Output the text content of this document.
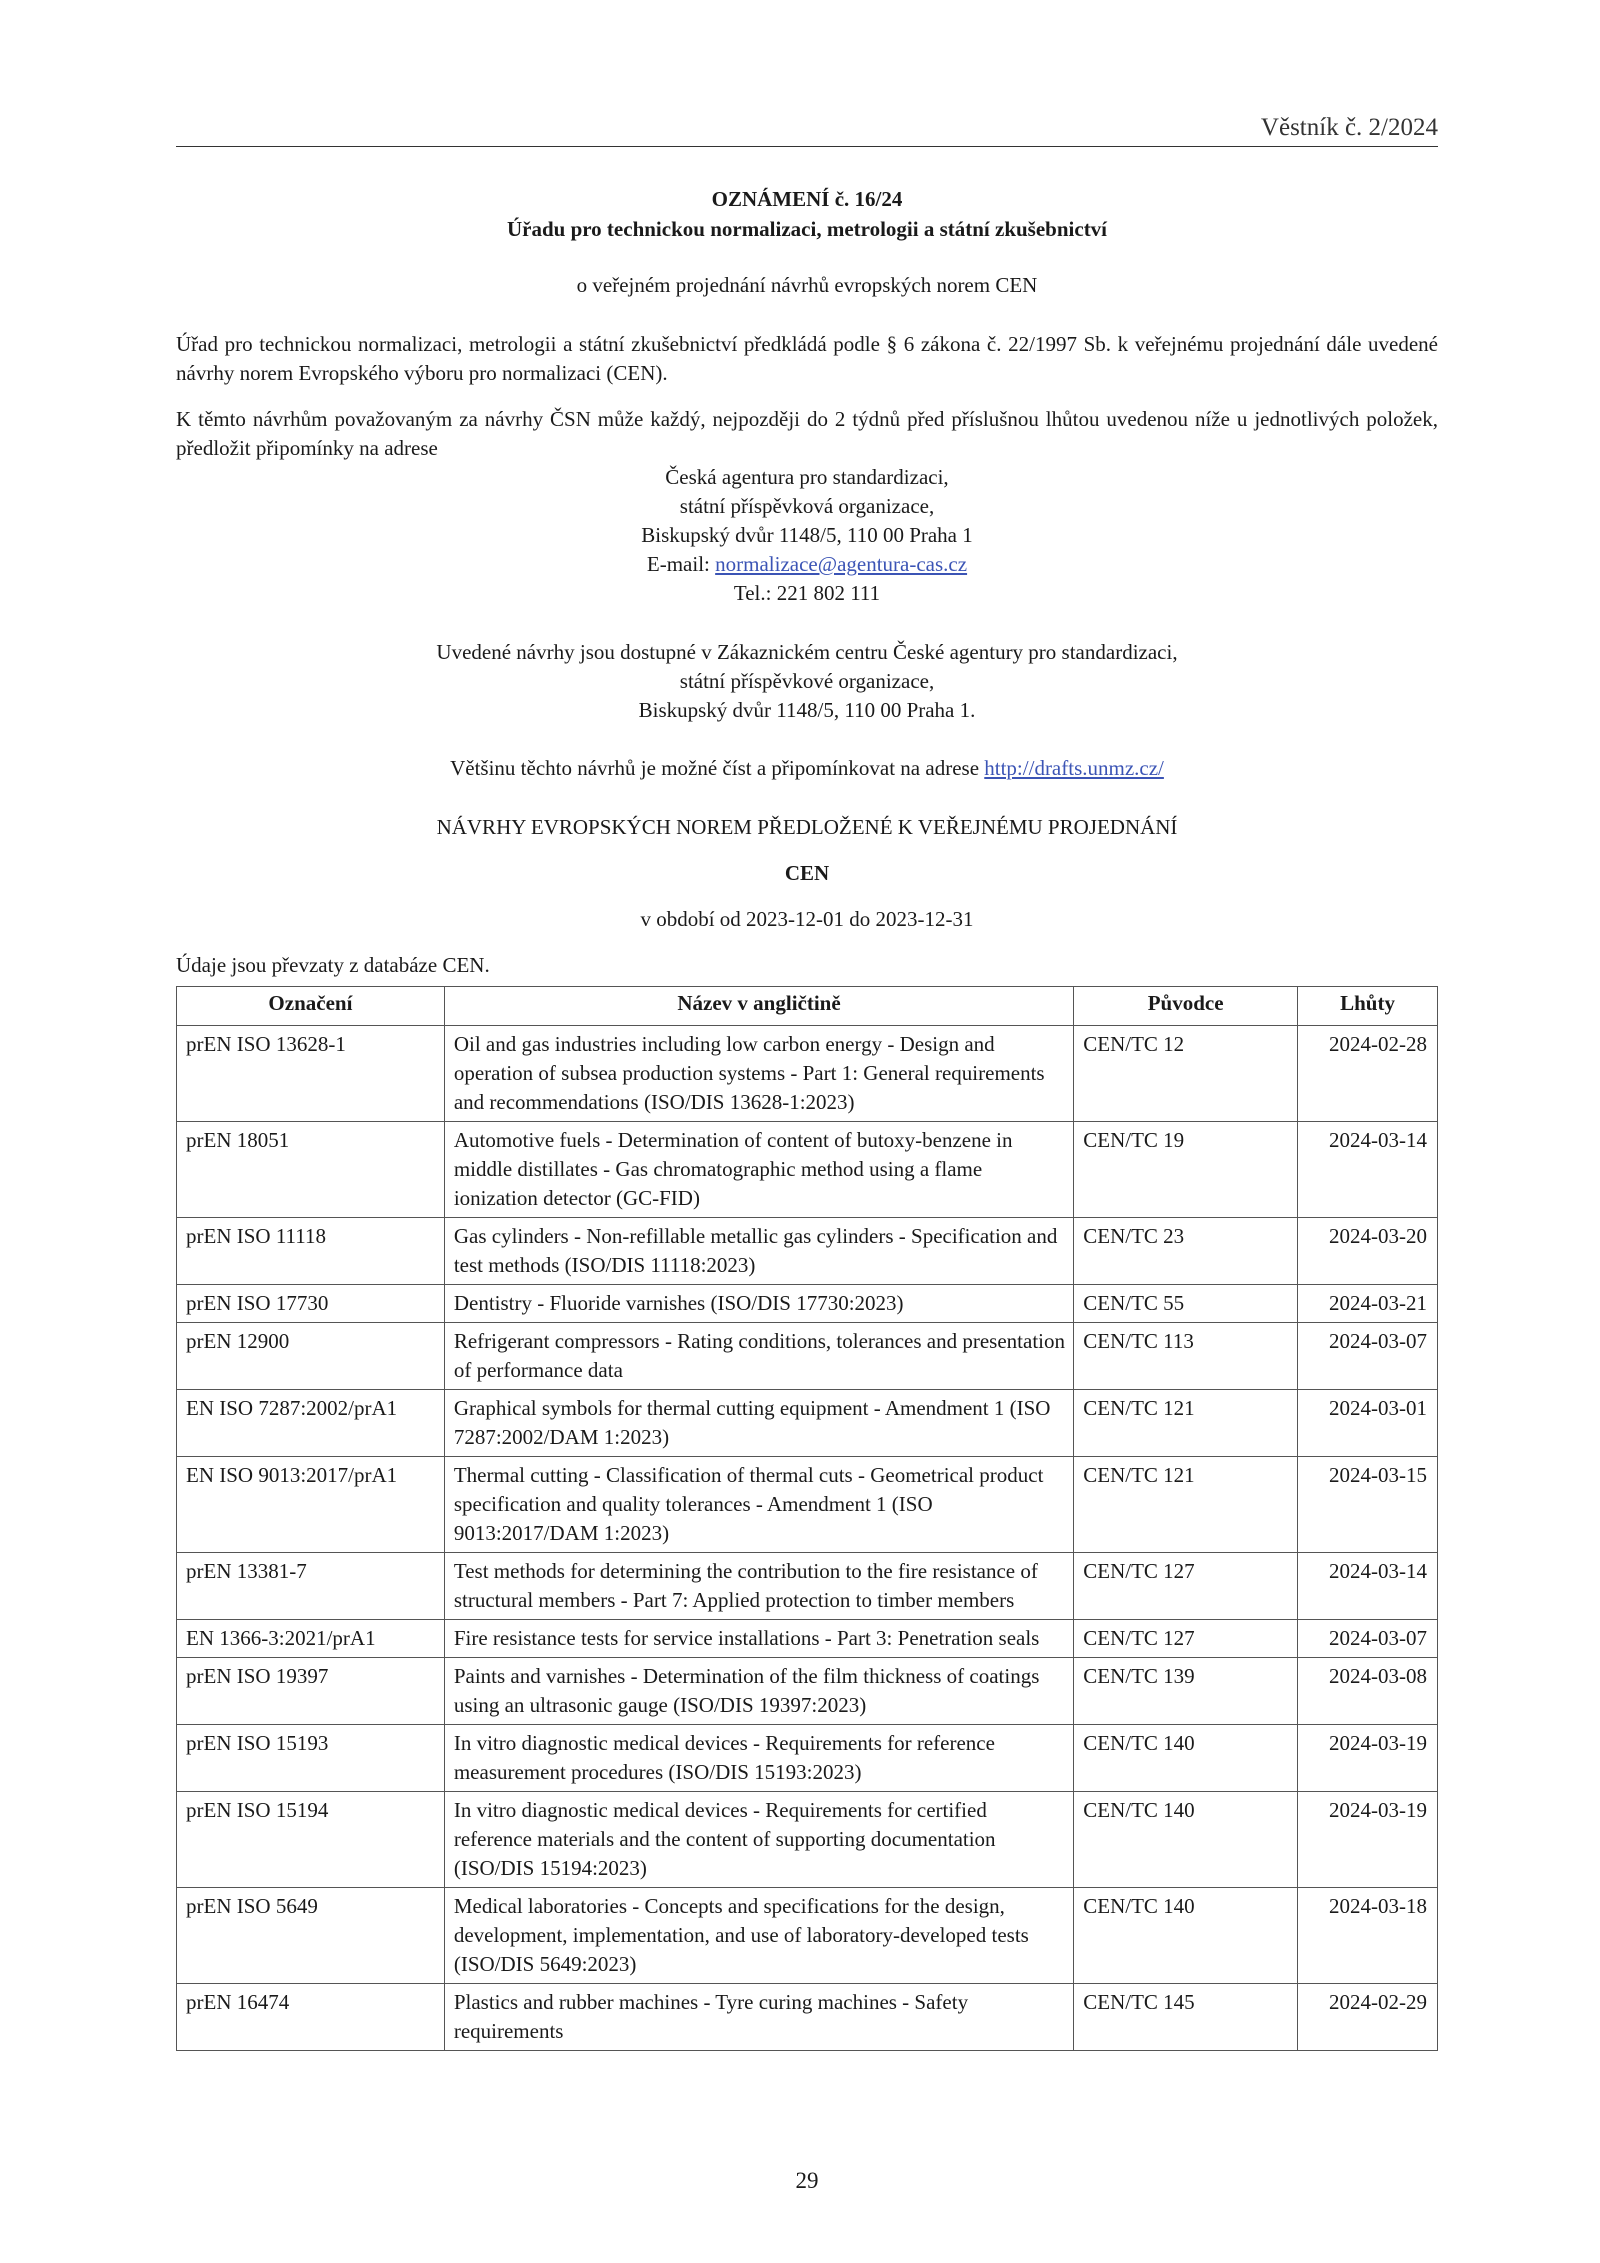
Věstník č. 2/2024
OZNÁMENÍ č. 16/24
Úřadu pro technickou normalizaci, metrologii a státní zkušebnictví
o veřejném projednání návrhů evropských norem CEN
Úřad pro technickou normalizaci, metrologii a státní zkušebnictví předkládá podle § 6 zákona č. 22/1997 Sb. k veřejnému projednání dále uvedené návrhy norem Evropského výboru pro normalizaci (CEN).
K těmto návrhům považovaným za návrhy ČSN může každý, nejpozději do 2 týdnů před příslušnou lhůtou uvedenou níže u jednotlivých položek, předložit připomínky na adrese
Česká agentura pro standardizaci,
státní příspěvková organizace,
Biskupský dvůr 1148/5, 110 00 Praha 1
E-mail: normalizace@agentura-cas.cz
Tel.: 221 802 111
Uvedené návrhy jsou dostupné v Zákaznickém centru České agentury pro standardizaci,
státní příspěvkové organizace,
Biskupský dvůr 1148/5, 110 00 Praha 1.
Většinu těchto návrhů je možné číst a připomínkovat na adrese http://drafts.unmz.cz/
NÁVRHY EVROPSKÝCH NOREM PŘEDLOŽENÉ K VEŘEJNÉMU PROJEDNÁNÍ
CEN
v období od 2023-12-01 do 2023-12-31
Údaje jsou převzaty z databáze CEN.
Označení	Název v angličtině	Původce	Lhůty
prEN ISO 13628-1	Oil and gas industries including low carbon energy - Design and operation of subsea production systems - Part 1: General requirements and recommendations (ISO/DIS 13628-1:2023)	CEN/TC 12	2024-02-28
prEN 18051	Automotive fuels - Determination of content of butoxy-benzene in middle distillates - Gas chromatographic method using a flame ionization detector (GC-FID)	CEN/TC 19	2024-03-14
prEN ISO 11118	Gas cylinders - Non-refillable metallic gas cylinders - Specification and test methods (ISO/DIS 11118:2023)	CEN/TC 23	2024-03-20
prEN ISO 17730	Dentistry - Fluoride varnishes (ISO/DIS 17730:2023)	CEN/TC 55	2024-03-21
prEN 12900	Refrigerant compressors - Rating conditions, tolerances and presentation of performance data	CEN/TC 113	2024-03-07
EN ISO 7287:2002/prA1	Graphical symbols for thermal cutting equipment - Amendment 1 (ISO 7287:2002/DAM 1:2023)	CEN/TC 121	2024-03-01
EN ISO 9013:2017/prA1	Thermal cutting - Classification of thermal cuts - Geometrical product specification and quality tolerances - Amendment 1 (ISO 9013:2017/DAM 1:2023)	CEN/TC 121	2024-03-15
prEN 13381-7	Test methods for determining the contribution to the fire resistance of structural members - Part 7: Applied protection to timber members	CEN/TC 127	2024-03-14
EN 1366-3:2021/prA1	Fire resistance tests for service installations - Part 3: Penetration seals	CEN/TC 127	2024-03-07
prEN ISO 19397	Paints and varnishes - Determination of the film thickness of coatings using an ultrasonic gauge (ISO/DIS 19397:2023)	CEN/TC 139	2024-03-08
prEN ISO 15193	In vitro diagnostic medical devices - Requirements for reference measurement procedures (ISO/DIS 15193:2023)	CEN/TC 140	2024-03-19
prEN ISO 15194	In vitro diagnostic medical devices - Requirements for certified reference materials and the content of supporting documentation (ISO/DIS 15194:2023)	CEN/TC 140	2024-03-19
prEN ISO 5649	Medical laboratories - Concepts and specifications for the design, development, implementation, and use of laboratory-developed tests (ISO/DIS 5649:2023)	CEN/TC 140	2024-03-18
prEN 16474	Plastics and rubber machines - Tyre curing machines - Safety requirements	CEN/TC 145	2024-02-29
29
